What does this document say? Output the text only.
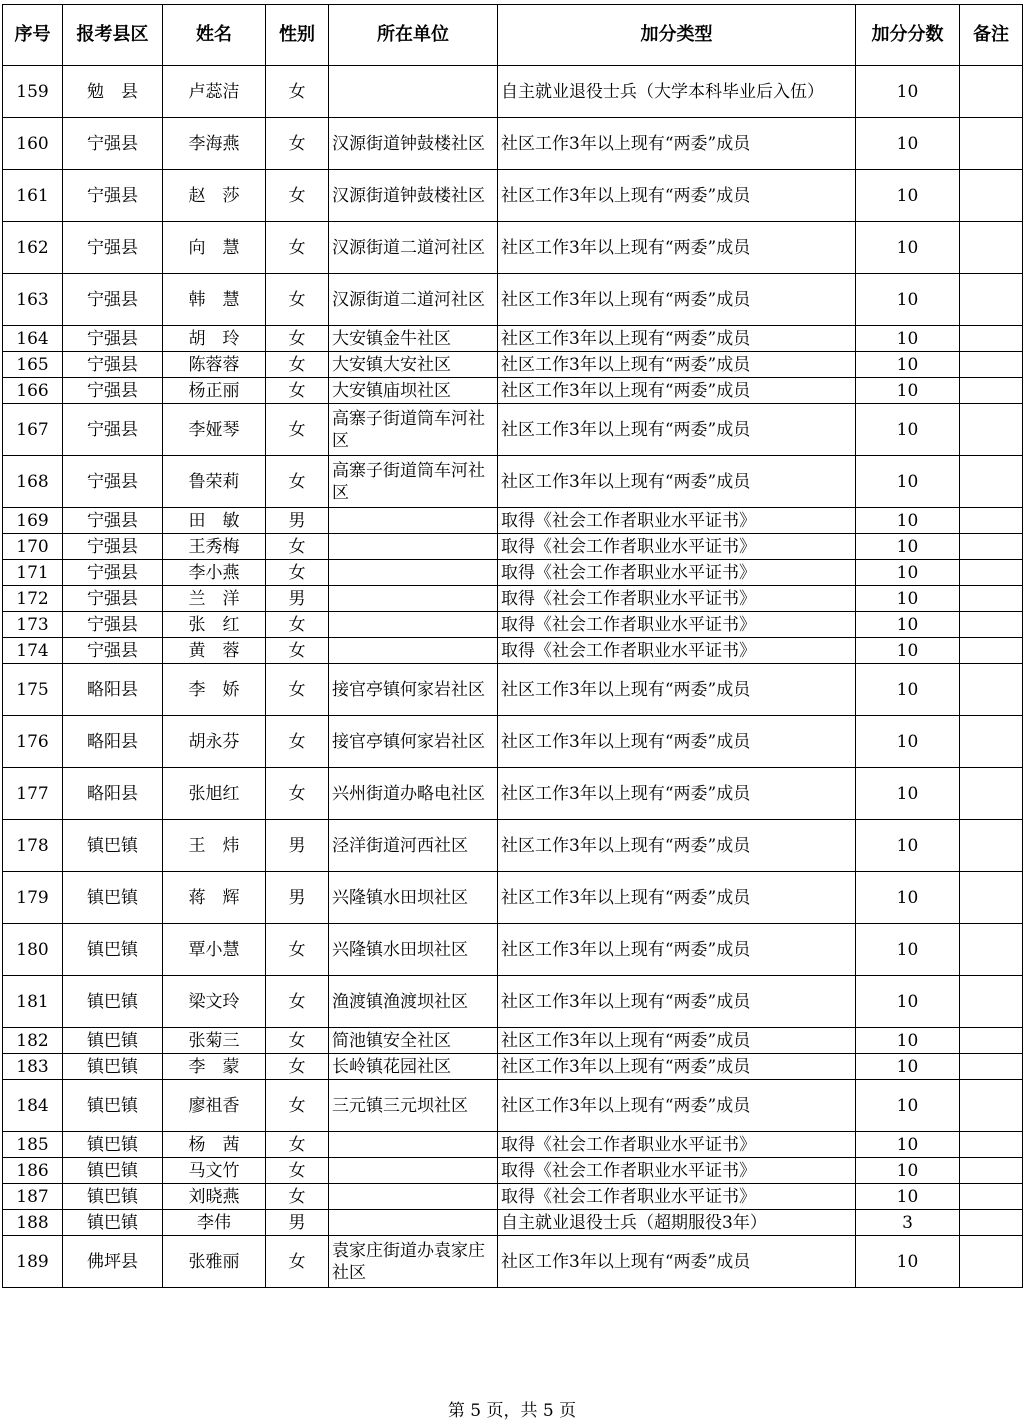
序号	报考县区	姓名	性别	所在单位	加分类型	加分分数	备注
159	勉　县	卢蕊洁	女		自主就业退役士兵（大学本科毕业后入伍）	10	
160	宁强县	李海燕	女	汉源街道钟鼓楼社区	社区工作3年以上现有“两委”成员	10	
161	宁强县	赵　莎	女	汉源街道钟鼓楼社区	社区工作3年以上现有“两委”成员	10	
162	宁强县	向　慧	女	汉源街道二道河社区	社区工作3年以上现有“两委”成员	10	
163	宁强县	韩　慧	女	汉源街道二道河社区	社区工作3年以上现有“两委”成员	10	
164	宁强县	胡　玲	女	大安镇金牛社区	社区工作3年以上现有“两委”成员	10	
165	宁强县	陈蓉蓉	女	大安镇大安社区	社区工作3年以上现有“两委”成员	10	
166	宁强县	杨正丽	女	大安镇庙坝社区	社区工作3年以上现有“两委”成员	10	
167	宁强县	李娅琴	女	高寨子街道筒车河社区	社区工作3年以上现有“两委”成员	10	
168	宁强县	鲁荣莉	女	高寨子街道筒车河社区	社区工作3年以上现有“两委”成员	10	
169	宁强县	田　敏	男		取得《社会工作者职业水平证书》	10	
170	宁强县	王秀梅	女		取得《社会工作者职业水平证书》	10	
171	宁强县	李小燕	女		取得《社会工作者职业水平证书》	10	
172	宁强县	兰　洋	男		取得《社会工作者职业水平证书》	10	
173	宁强县	张　红	女		取得《社会工作者职业水平证书》	10	
174	宁强县	黄　蓉	女		取得《社会工作者职业水平证书》	10	
175	略阳县	李　娇	女	接官亭镇何家岩社区	社区工作3年以上现有“两委”成员	10	
176	略阳县	胡永芬	女	接官亭镇何家岩社区	社区工作3年以上现有“两委”成员	10	
177	略阳县	张旭红	女	兴州街道办略电社区	社区工作3年以上现有“两委”成员	10	
178	镇巴镇	王　炜	男	泾洋街道河西社区	社区工作3年以上现有“两委”成员	10	
179	镇巴镇	蒋　辉	男	兴隆镇水田坝社区	社区工作3年以上现有“两委”成员	10	
180	镇巴镇	覃小慧	女	兴隆镇水田坝社区	社区工作3年以上现有“两委”成员	10	
181	镇巴镇	梁文玲	女	渔渡镇渔渡坝社区	社区工作3年以上现有“两委”成员	10	
182	镇巴镇	张菊三	女	简池镇安全社区	社区工作3年以上现有“两委”成员	10	
183	镇巴镇	李　蒙	女	长岭镇花园社区	社区工作3年以上现有“两委”成员	10	
184	镇巴镇	廖祖香	女	三元镇三元坝社区	社区工作3年以上现有“两委”成员	10	
185	镇巴镇	杨　茜	女		取得《社会工作者职业水平证书》	10	
186	镇巴镇	马文竹	女		取得《社会工作者职业水平证书》	10	
187	镇巴镇	刘晓燕	女		取得《社会工作者职业水平证书》	10	
188	镇巴镇	李伟	男		自主就业退役士兵（超期服役3年）	3	
189	佛坪县	张雅丽	女	袁家庄街道办袁家庄社区	社区工作3年以上现有“两委”成员	10	
第 5 页，共 5 页
